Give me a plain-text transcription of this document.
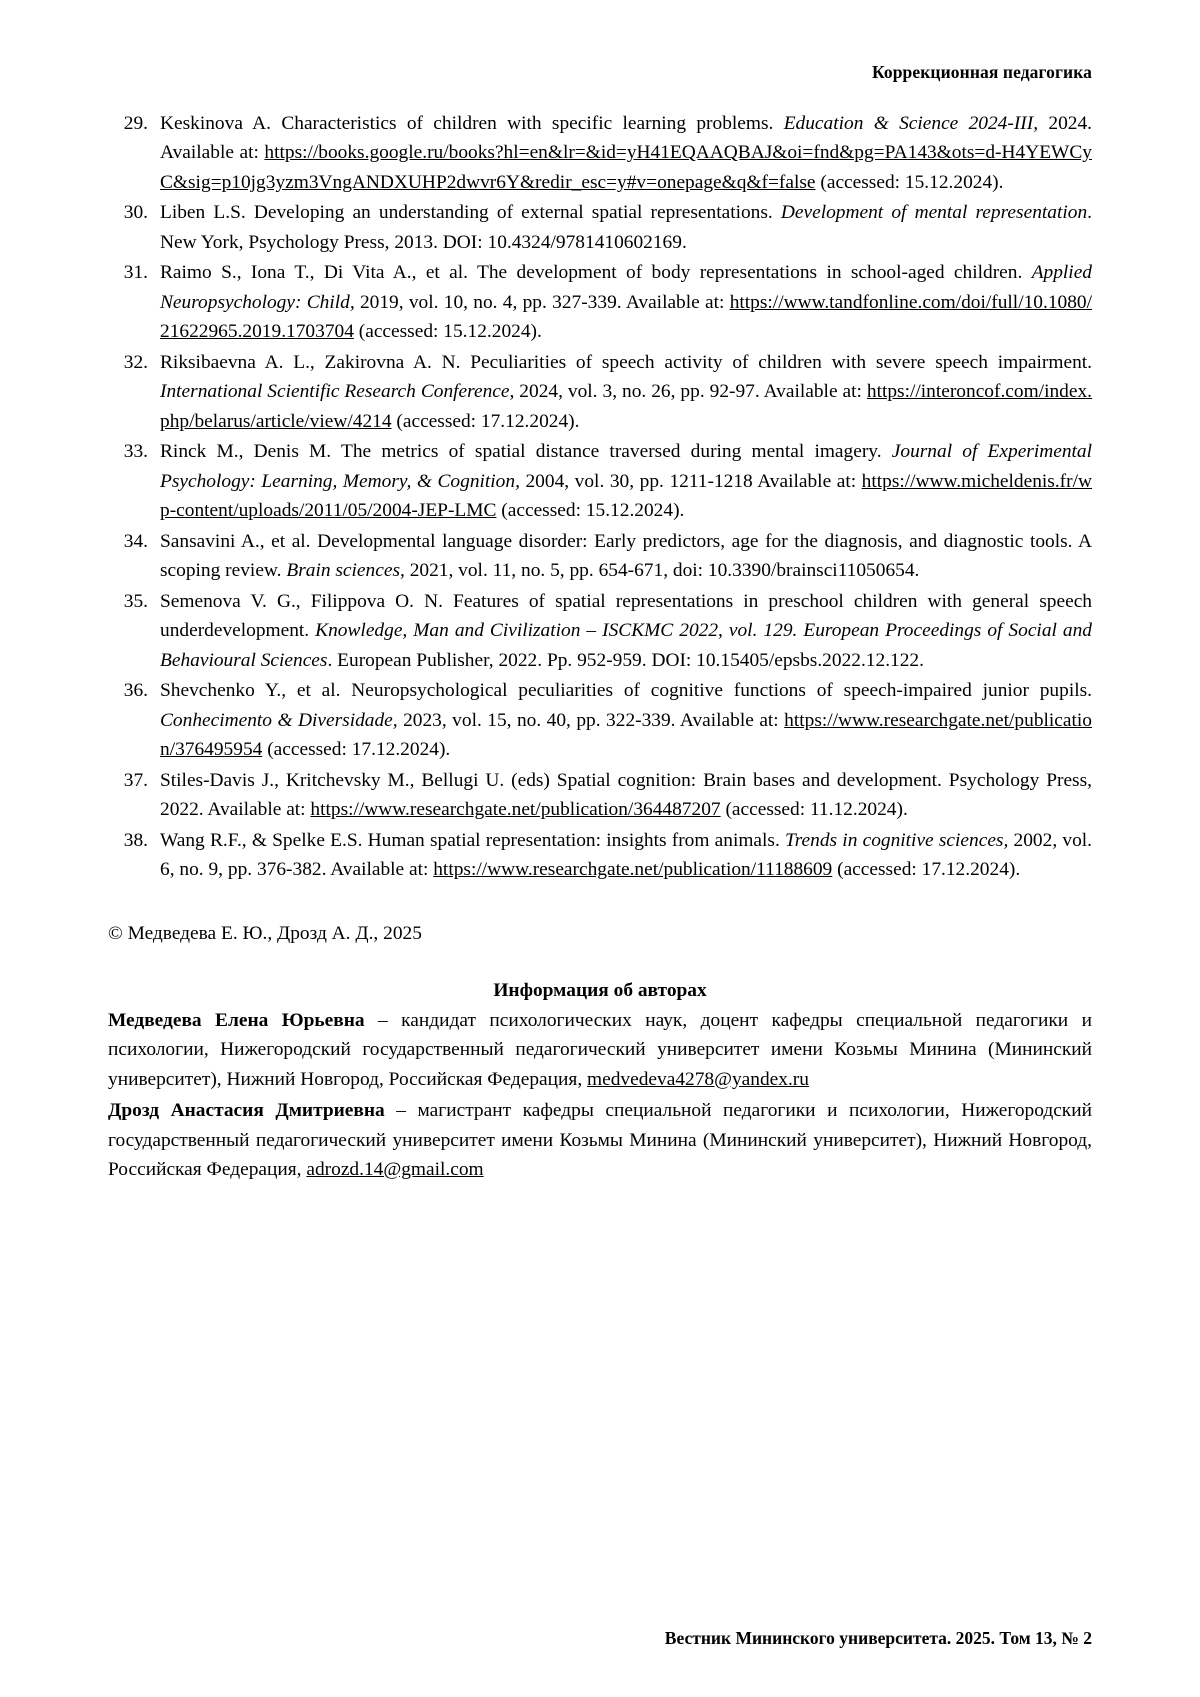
Коррекционная педагогика
29. Keskinova A. Characteristics of children with specific learning problems. Education & Science 2024-III, 2024. Available at: https://books.google.ru/books?hl=en&lr=&id=yH41EQAAQBAJ&oi=fnd&pg=PA143&ots=d-H4YEWCyC&sig=p10jg3yzm3VngANDXUHP2dwvr6Y&redir_esc=y#v=onepage&q&f=false (accessed: 15.12.2024).
30. Liben L.S. Developing an understanding of external spatial representations. Development of mental representation. New York, Psychology Press, 2013. DOI: 10.4324/9781410602169.
31. Raimo S., Iona T., Di Vita A., et al. The development of body representations in school-aged children. Applied Neuropsychology: Child, 2019, vol. 10, no. 4, pp. 327-339. Available at: https://www.tandfonline.com/doi/full/10.1080/21622965.2019.1703704 (accessed: 15.12.2024).
32. Riksibaevna A. L., Zakirovna A. N. Peculiarities of speech activity of children with severe speech impairment. International Scientific Research Conference, 2024, vol. 3, no. 26, pp. 92-97. Available at: https://interoncof.com/index.php/belarus/article/view/4214 (accessed: 17.12.2024).
33. Rinck M., Denis M. The metrics of spatial distance traversed during mental imagery. Journal of Experimental Psychology: Learning, Memory, & Cognition, 2004, vol. 30, pp. 1211-1218 Available at: https://www.micheldenis.fr/wp-content/uploads/2011/05/2004-JEP-LMC (accessed: 15.12.2024).
34. Sansavini A., et al. Developmental language disorder: Early predictors, age for the diagnosis, and diagnostic tools. A scoping review. Brain sciences, 2021, vol. 11, no. 5, pp. 654-671, doi: 10.3390/brainsci11050654.
35. Semenova V. G., Filippova O. N. Features of spatial representations in preschool children with general speech underdevelopment. Knowledge, Man and Civilization – ISCKMC 2022, vol. 129. European Proceedings of Social and Behavioural Sciences. European Publisher, 2022. Pp. 952-959. DOI: 10.15405/epsbs.2022.12.122.
36. Shevchenko Y., et al. Neuropsychological peculiarities of cognitive functions of speech-impaired junior pupils. Conhecimento & Diversidade, 2023, vol. 15, no. 40, pp. 322-339. Available at: https://www.researchgate.net/publication/376495954 (accessed: 17.12.2024).
37. Stiles-Davis J., Kritchevsky M., Bellugi U. (eds) Spatial cognition: Brain bases and development. Psychology Press, 2022. Available at: https://www.researchgate.net/publication/364487207 (accessed: 11.12.2024).
38. Wang R.F., & Spelke E.S. Human spatial representation: insights from animals. Trends in cognitive sciences, 2002, vol. 6, no. 9, pp. 376-382. Available at: https://www.researchgate.net/publication/11188609 (accessed: 17.12.2024).
© Медведева Е. Ю., Дрозд А. Д., 2025
Информация об авторах
Медведева Елена Юрьевна – кандидат психологических наук, доцент кафедры специальной педагогики и психологии, Нижегородский государственный педагогический университет имени Козьмы Минина (Мининский университет), Нижний Новгород, Российская Федерация, medvedeva4278@yandex.ru
Дрозд Анастасия Дмитриевна – магистрант кафедры специальной педагогики и психологии, Нижегородский государственный педагогический университет имени Козьмы Минина (Мининский университет), Нижний Новгород, Российская Федерация, adrozd.14@gmail.com
Вестник Мининского университета. 2025. Том 13, № 2
